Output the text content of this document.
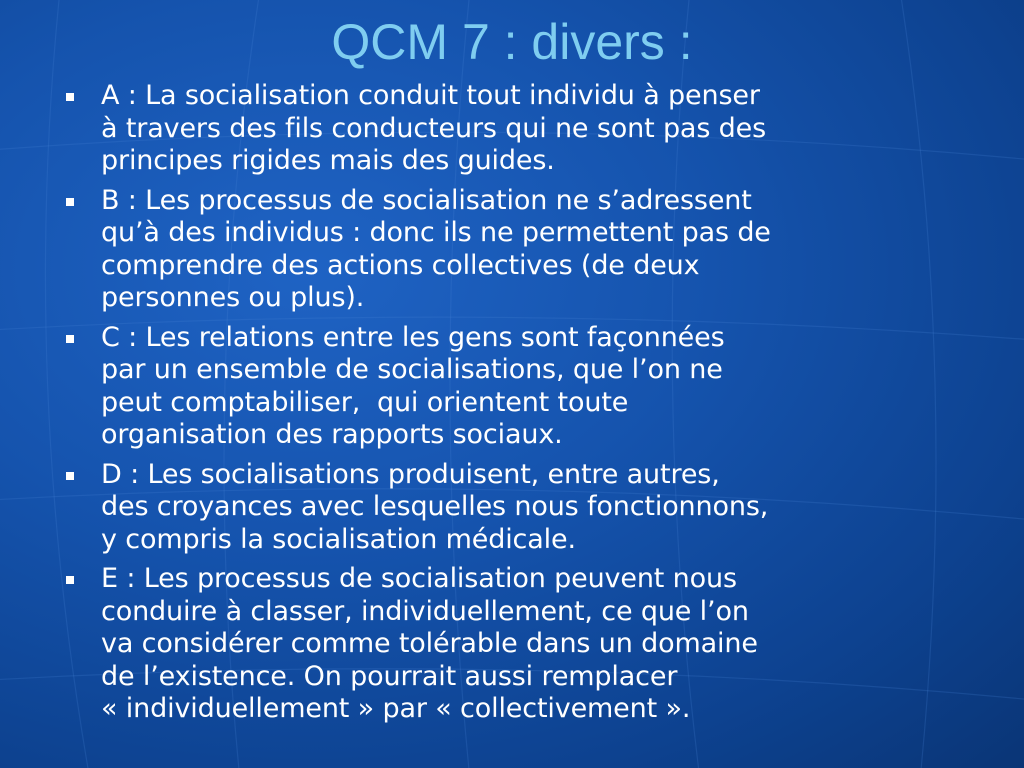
QCM 7 : divers :
A : La socialisation conduit tout individu à penser
à travers des fils conducteurs qui ne sont pas des
principes rigides mais des guides.
B : Les processus de socialisation ne s’adressent
qu’à des individus : donc ils ne permettent pas de
comprendre des actions collectives (de deux
personnes ou plus).
C : Les relations entre les gens sont façonnées
par un ensemble de socialisations, que l’on ne
peut comptabiliser,  qui orientent toute
organisation des rapports sociaux.
D : Les socialisations produisent, entre autres,
des croyances avec lesquelles nous fonctionnons,
y compris la socialisation médicale.
E : Les processus de socialisation peuvent nous
conduire à classer, individuellement, ce que l’on
va considérer comme tolérable dans un domaine
de l’existence. On pourrait aussi remplacer
« individuellement » par « collectivement ».
